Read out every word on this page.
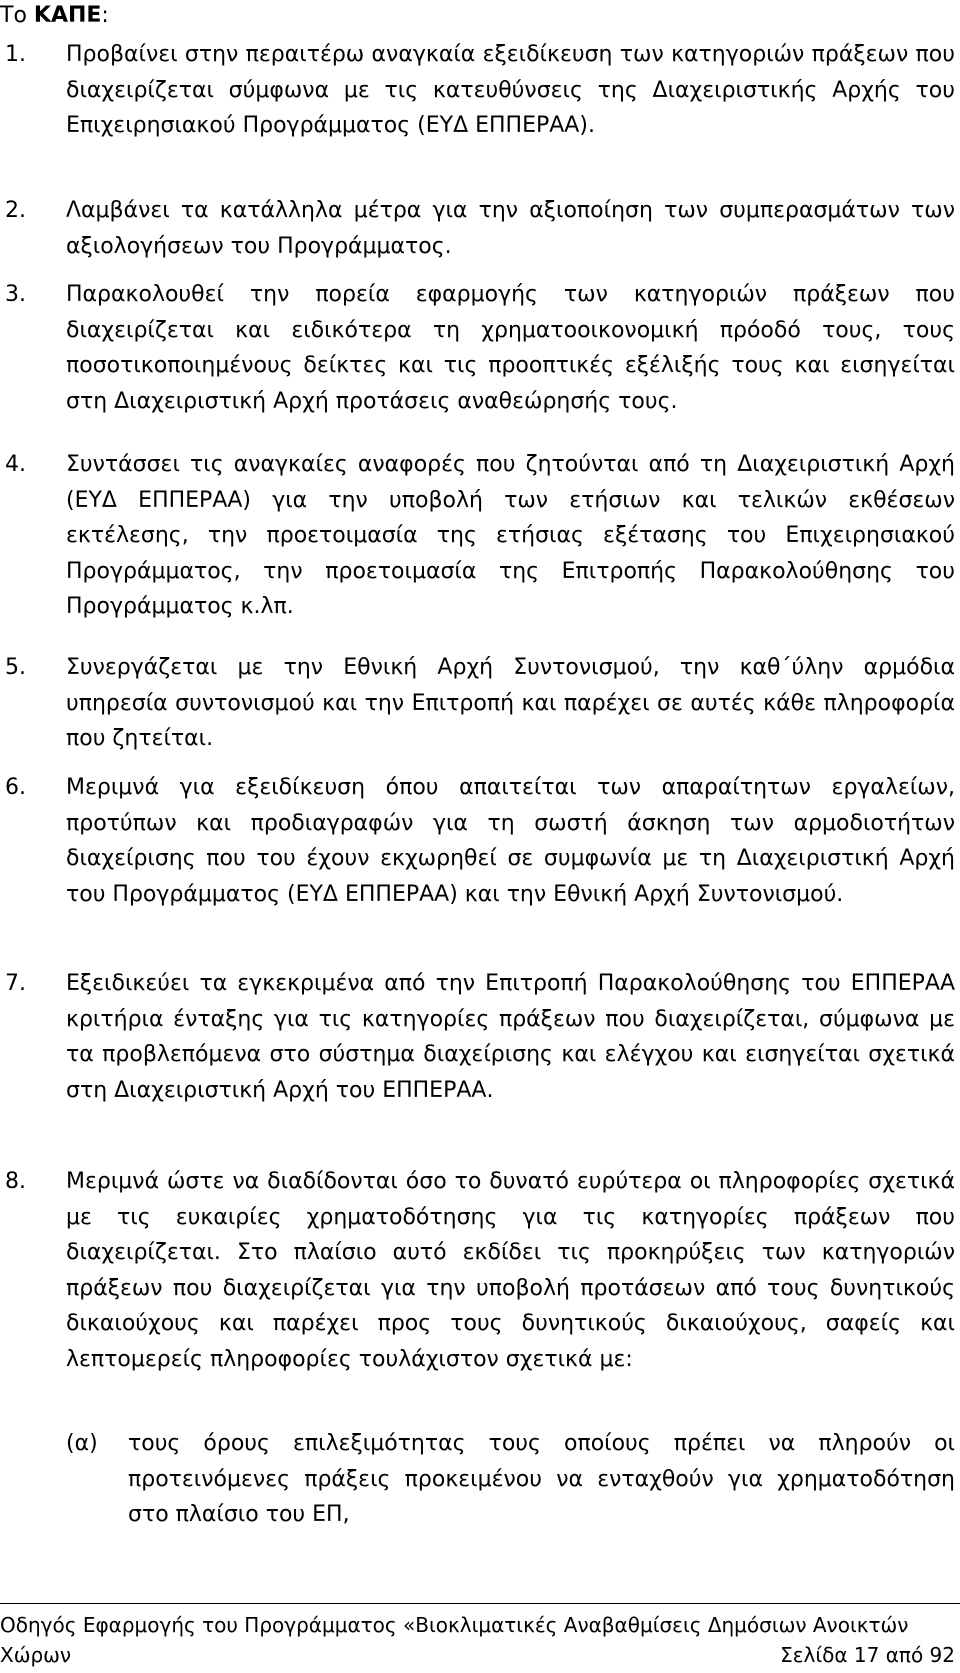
Το ΚΑΠΕ:

1. Προβαίνει στην περαιτέρω αναγκαία εξειδίκευση των κατηγοριών πράξεων που διαχειρίζεται σύμφωνα με τις κατευθύνσεις της Διαχειριστικής Αρχής του Επιχειρησιακού Προγράμματος (ΕΥΔ ΕΠΠΕΡΑΑ).
2. Λαμβάνει τα κατάλληλα μέτρα για την αξιοποίηση των συμπερασμάτων των αξιολογήσεων του Προγράμματος.
3. Παρακολουθεί την πορεία εφαρμογής των κατηγοριών πράξεων που διαχειρίζεται και ειδικότερα τη χρηματοοικονομική πρόοδό τους, τους ποσοτικοποιημένους δείκτες και τις προοπτικές εξέλιξής τους και εισηγείται στη Διαχειριστική Αρχή προτάσεις αναθεώρησής τους.
4. Συντάσσει τις αναγκαίες αναφορές που ζητούνται από τη Διαχειριστική Αρχή (ΕΥΔ ΕΠΠΕΡΑΑ) για την υποβολή των ετήσιων και τελικών εκθέσεων εκτέλεσης, την προετοιμασία της ετήσιας εξέτασης του Επιχειρησιακού Προγράμματος, την προετοιμασία της Επιτροπής Παρακολούθησης του Προγράμματος κ.λπ.
5. Συνεργάζεται με την Εθνική Αρχή Συντονισμού, την καθ΄ύλην αρμόδια υπηρεσία συντονισμού και την Επιτροπή και παρέχει σε αυτές κάθε πληροφορία που ζητείται.
6. Μεριμνά για εξειδίκευση όπου απαιτείται των απαραίτητων εργαλείων, προτύπων και προδιαγραφών για τη σωστή άσκηση των αρμοδιοτήτων διαχείρισης που του έχουν εκχωρηθεί σε συμφωνία με τη Διαχειριστική Αρχή του Προγράμματος (ΕΥΔ ΕΠΠΕΡΑΑ) και την Εθνική Αρχή Συντονισμού.
7. Εξειδικεύει τα εγκεκριμένα από την Επιτροπή Παρακολούθησης του ΕΠΠΕΡΑΑ κριτήρια ένταξης για τις κατηγορίες πράξεων που διαχειρίζεται, σύμφωνα με τα προβλεπόμενα στο σύστημα διαχείρισης και ελέγχου και εισηγείται σχετικά στη Διαχειριστική Αρχή του ΕΠΠΕΡΑΑ.
8. Μεριμνά ώστε να διαδίδονται όσο το δυνατό ευρύτερα οι πληροφορίες σχετικά με τις ευκαιρίες χρηματοδότησης για τις κατηγορίες πράξεων που διαχειρίζεται. Στο πλαίσιο αυτό εκδίδει τις προκηρύξεις των κατηγοριών πράξεων που διαχειρίζεται για την υποβολή προτάσεων από τους δυνητικούς δικαιούχους και παρέχει προς τους δυνητικούς δικαιούχους, σαφείς και λεπτομερείς πληροφορίες τουλάχιστον σχετικά με:
(α) τους όρους επιλεξιμότητας τους οποίους πρέπει να πληρούν οι προτεινόμενες πράξεις προκειμένου να ενταχθούν για χρηματοδότηση στο πλαίσιο του ΕΠ,
Οδηγός Εφαρμογής του Προγράμματος «Βιοκλιματικές Αναβαθμίσεις Δημόσιων Ανοικτών Χώρων	Σελίδα 17 από 92
